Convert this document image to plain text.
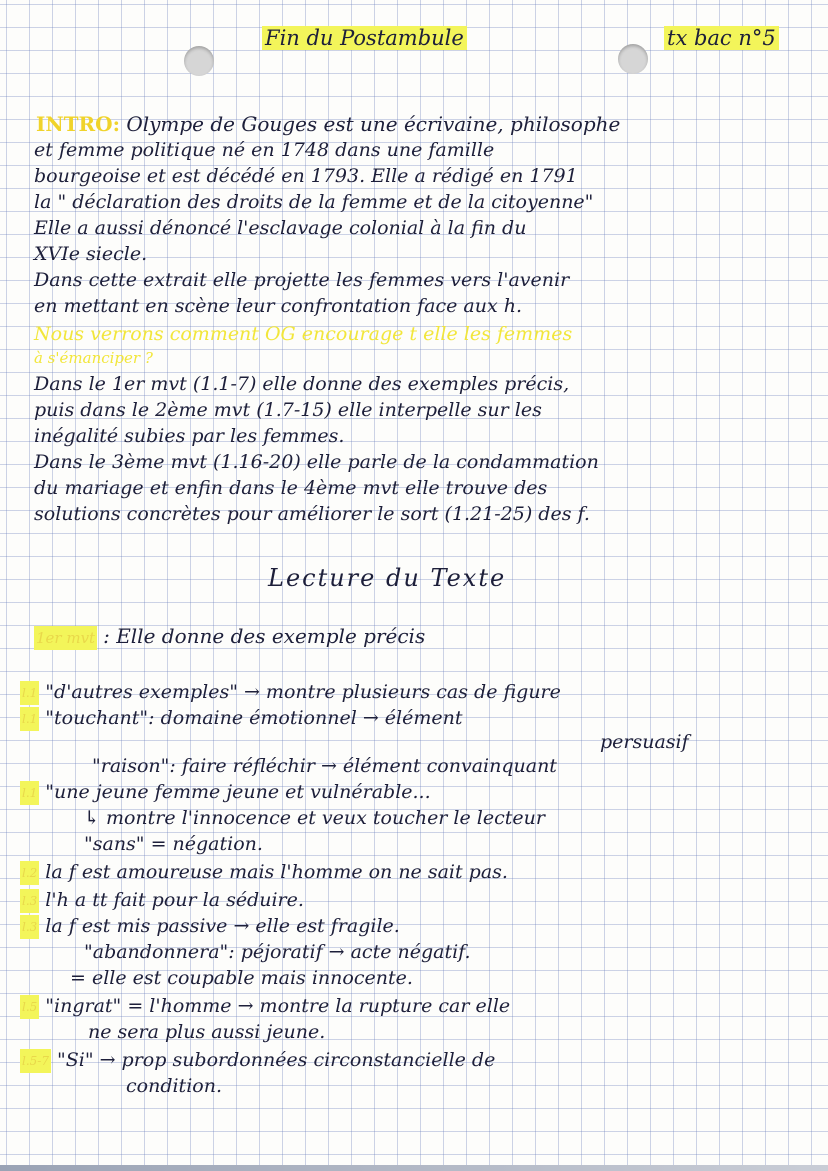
Fin du Postambule	tx bac n°5
INTRO: Olympe de Gouges est une écrivaine, philosophe
et femme politique né en 1748 dans une famille
bourgeoise et est décédé en 1793. Elle a rédigé en 1791
la " déclaration des droits de la femme et de la citoyenne"
Elle a aussi dénoncé l'esclavage colonial à la fin du
XVIe siecle.
Dans cette extrait elle projette les femmes vers l'avenir
en mettant en scène leur confrontation face aux h.
Nous verrons comment OG encourage t elle les femmes
à s'émanciper ?
Dans le 1er mvt (1.1-7) elle donne des exemples précis,
puis dans le 2ème mvt (1.7-15) elle interpelle sur les
inégalité subies par les femmes.
Dans le 3ème mvt (1.16-20) elle parle de la condammation
du mariage et enfin dans le 4ème mvt elle trouve des
solutions concrètes pour améliorer le sort (1.21-25) des f.
Lecture du Texte
1er mvt : Elle donne des exemple précis
l.1 "d'autres exemples" → montre plusieurs cas de figure
l.1 "touchant": domaine émotionnel → élément
persuasif
"raison": faire réfléchir → élément convainquant
l.1 "une jeune femme jeune et vulnérable...
↳ montre l'innocence et veux toucher le lecteur
"sans" = négation.
l.2 la f est amoureuse mais l'homme on ne sait pas.
l.3 l'h a tt fait pour la séduire.
l.3 la f est mis passive → elle est fragile.
"abandonnera": péjoratif → acte négatif.
= elle est coupable mais innocente.
l.5 "ingrat" = l'homme → montre la rupture car elle
ne sera plus aussi jeune.
l.5-7 "Si" → prop subordonnées circonstancielle de
condition.
